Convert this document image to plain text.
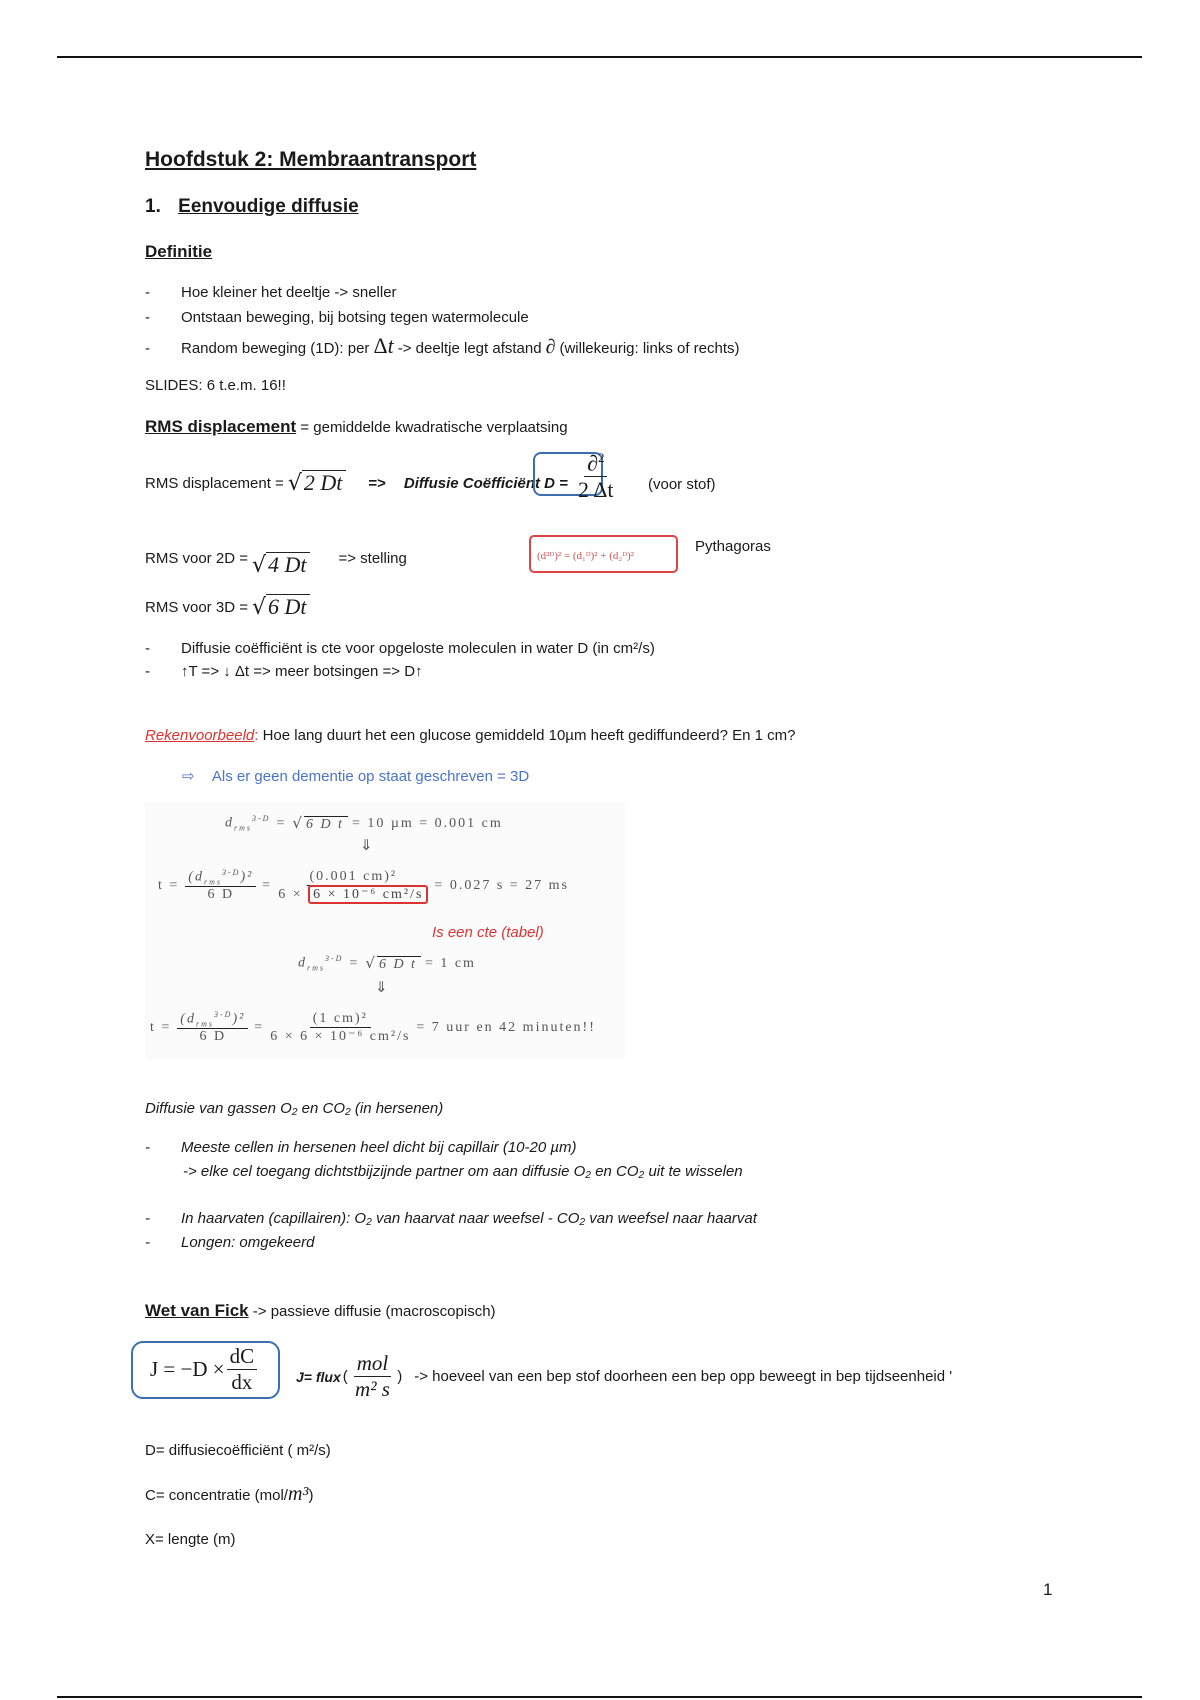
Hoofdstuk 2: Membraantransport
1. Eenvoudige diffusie
Definitie
-	Hoe kleiner het deeltje -> sneller
-	Ontstaan beweging, bij botsing tegen watermolecule
-	Random beweging (1D): per Δt -> deeltje legt afstand ∂ (willekeurig: links of rechts)
SLIDES: 6 t.e.m. 16!!
RMS displacement = gemiddelde kwadratische verplaatsing
RMS displacement = √2 Dt => Diffusie Coëfficiënt $D = \frac{\partial^2}{2 \Delta t}$ (voor stof)
RMS voor 2D = √4 Dt => stelling	(d²ᴰ)² = (d₁ᴰ)² + (d₂ᴰ)²
Pythagoras
RMS voor 3D = √6 Dt
-	Diffusie coëfficiënt is cte voor opgeloste moleculen in water D (in cm²/s)
-	↑T => ↓ Δt => meer botsingen => D↑
Rekenvoorbeeld: Hoe lang duurt het een glucose gemiddeld 10µm heeft gediffundeerd? En 1 cm?
⇨ Als er geen dementie op staat geschreven = 3D
$d_{rms}^{3-D}$ = √ 6 D t = 10 µm = 0.001 cm
⇓
$t = \frac{(d_{rms}^{3-D})^2}{6 D} = \frac{\text{(0.001 cm)²}}{\text{6 × 6 × 10⁻⁶ cm²/s}} = 0.027$ s = 27 ms
Is een cte (tabel)
$d_{rms}^{3-D}$ = √ 6 D t = 1 cm
⇓
$t = \frac{(d_{rms}^{3-D})^2}{6 D} = \frac{\text{(1 cm)²}}{\text{6 × 6 × 10⁻⁶ cm²/s}} = 7$ uur en 42 minuten!!
Diffusie van gassen O₂ en CO₂ (in hersenen)
-	Meeste cellen in hersenen heel dicht bij capillair (10-20 µm)
-> elke cel toegang dichtstbijzijnde partner om aan diffusie O₂ en CO₂ uit te wisselen
-	In haarvaten (capillairen): O₂ van haarvat naar weefsel - CO₂ van weefsel naar haarvat
-	Longen: omgekeerd
Wet van Fick -> passieve diffusie (macroscopisch)
$J = -D \times \frac{dC}{dx}$	J= flux ( $\frac{\text{mol}}{\text{m² s}}$ ) -> hoeveel van een bep stof doorheen een bep opp beweegt in bep tijdseenheid '
D= diffusiecoëfficiënt ( m²/s)
C= concentratie (mol/m³)
X= lengte (m)
1
